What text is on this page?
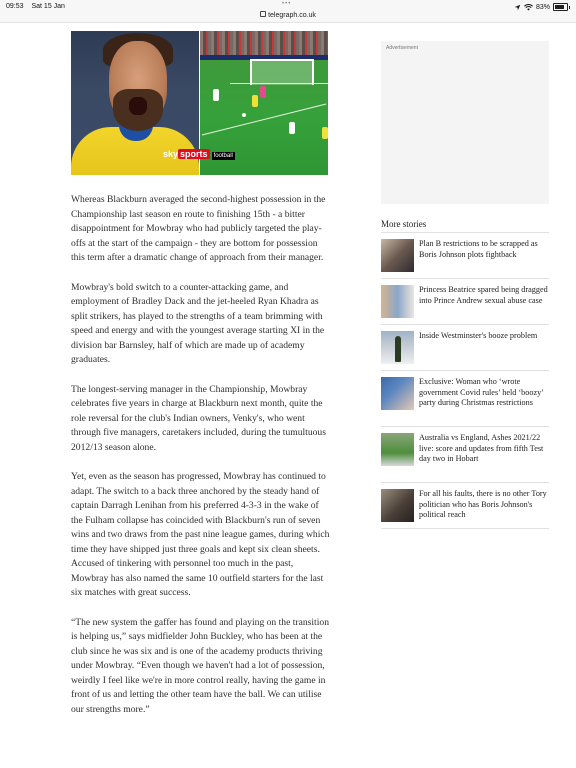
09:53 Sat 15 Jan	•••
telegraph.co.uk
83%
sky sports football

Whereas Blackburn averaged the second-highest possession in the Championship last season en route to finishing 15th - a bitter disappointment for Mowbray who had publicly targeted the play-offs at the start of the campaign - they are bottom for possession this term after a dramatic change of approach from their manager.

Mowbray's bold switch to a counter-attacking game, and employment of Bradley Dack and the jet-heeled Ryan Khadra as split strikers, has played to the strengths of a team brimming with speed and energy and with the youngest average starting XI in the division bar Barnsley, half of which are made up of academy graduates.

The longest-serving manager in the Championship, Mowbray celebrates five years in charge at Blackburn next month, quite the role reversal for the club's Indian owners, Venky's, who went through five managers, caretakers included, during the tumultuous 2012/13 season alone.

Yet, even as the season has progressed, Mowbray has continued to adapt. The switch to a back three anchored by the steady hand of captain Darragh Lenihan from his preferred 4-3-3 in the wake of the Fulham collapse has coincided with Blackburn's run of seven wins and two draws from the past nine league games, during which time they have shipped just three goals and kept six clean sheets. Accused of tinkering with personnel too much in the past, Mowbray has also named the same 10 outfield starters for the last six matches with great success.

“The new system the gaffer has found and playing on the transition is helping us,” says midfielder John Buckley, who has been at the club since he was six and is one of the academy products thriving under Mowbray. “Even though we haven't had a lot of possession, weirdly I feel like we're in more control really, having the game in front of us and letting the other team have the ball. We can utilise our strengths more.”

Advertisement
More stories
Plan B restrictions to be scrapped as Boris Johnson plots fightback
Princess Beatrice spared being dragged into Prince Andrew sexual abuse case
Inside Westminster's booze problem
Exclusive: Woman who ‘wrote government Covid rules’ held ‘boozy’ party during Christmas restrictions
Australia vs England, Ashes 2021/22 live: score and updates from fifth Test day two in Hobart
For all his faults, there is no other Tory politician who has Boris Johnson's political reach
